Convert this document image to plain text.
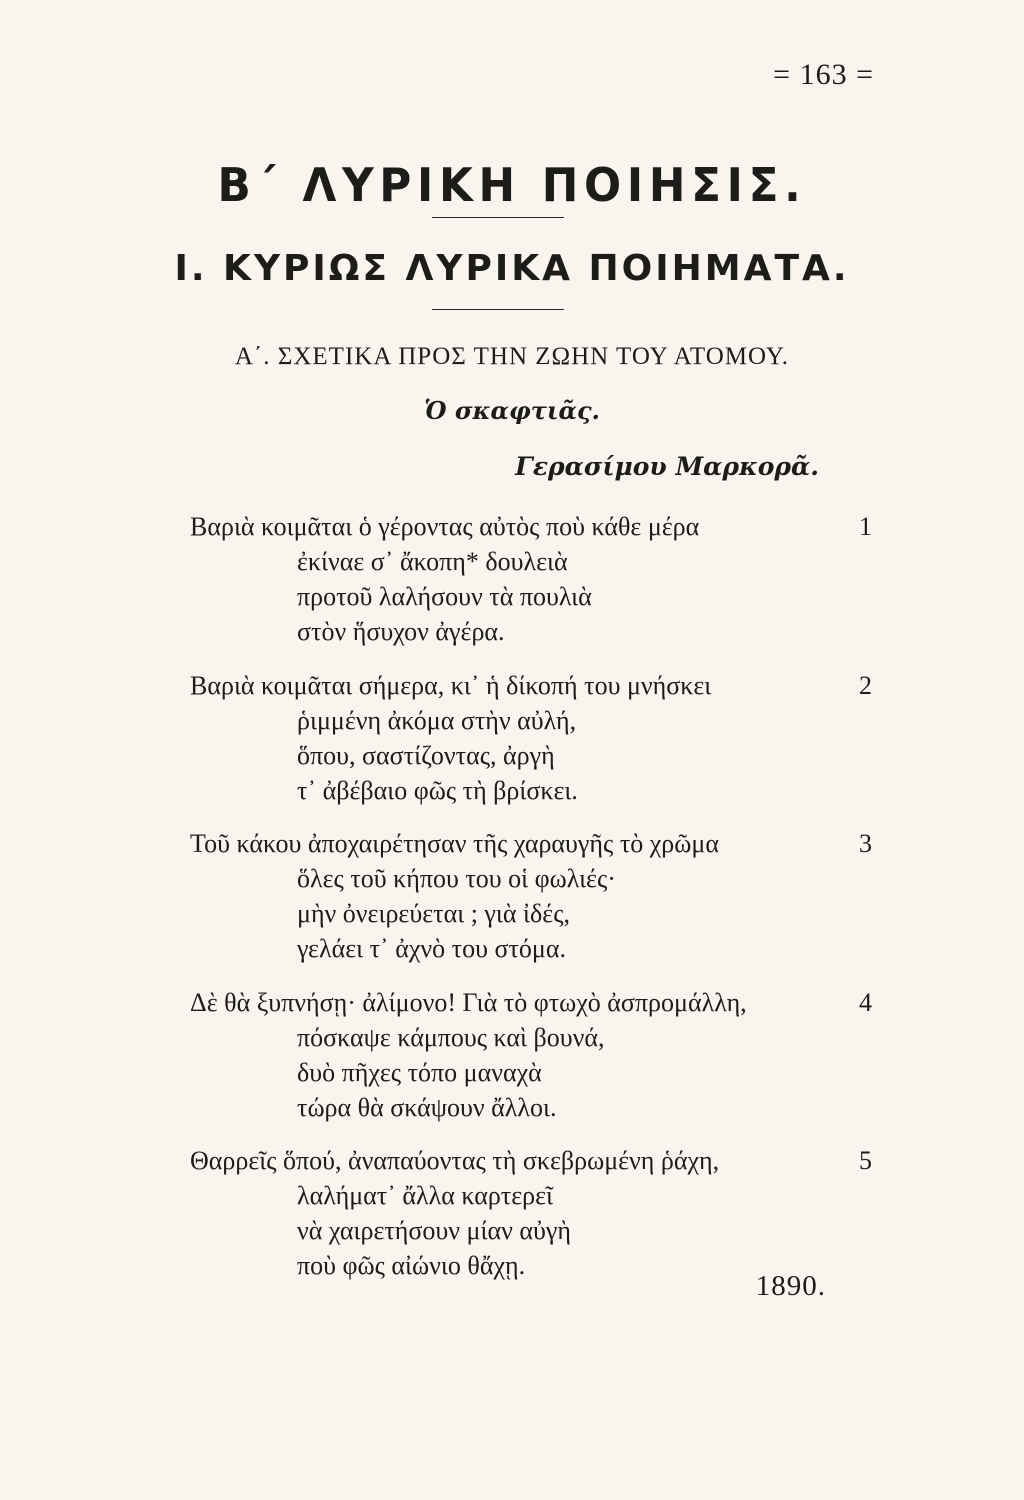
= 163 =
Β΄ ΛΥΡΙΚΗ ΠΟΙΗΣΙΣ.
Ι. ΚΥΡΙΩΣ ΛΥΡΙΚΑ ΠΟΙΗΜΑΤΑ.
Α΄. ΣΧΕΤΙΚΑ ΠΡΟΣ ΤΗΝ ΖΩΗΝ ΤΟΥ ΑΤΟΜΟΥ.
Ὁ σκαφτιᾶς.
Γερασίμου Μαρκορᾶ.
1
Βαριὰ κοιμᾶται ὁ γέροντας αὐτὸς ποὺ κάθε μέρα
ἐκίναε σ᾽ ἄκοπη* δουλειὰ
προτοῦ λαλήσουν τὰ πουλιὰ
στὸν ἥσυχον ἀγέρα.
2
Βαριὰ κοιμᾶται σήμερα, κι᾽ ἡ δίκοπή του μνήσκει
ῥιμμένη ἀκόμα στὴν αὐλή,
ὅπου, σαστίζοντας, ἀργὴ
τ᾽ ἀβέβαιο φῶς τὴ βρίσκει.
3
Τοῦ κάκου ἀποχαιρέτησαν τῆς χαραυγῆς τὸ χρῶμα
ὅλες τοῦ κήπου του οἱ φωλιές·
μὴν ὀνειρεύεται ; γιὰ ἰδές,
γελάει τ᾽ ἀχνὸ του στόμα.
4
Δὲ θὰ ξυπνήσῃ· ἀλίμονο! Γιὰ τὸ φτωχὸ ἀσπρομάλλη,
πόσκαψε κάμπους καὶ βουνά,
δυὸ πῆχες τόπο μαναχὰ
τώρα θὰ σκάψουν ἄλλοι.
5
Θαρρεῖς ὅπού, ἀναπαύοντας τὴ σκεβρωμένη ῥάχη,
λαλήματ᾽ ἄλλα καρτερεῖ
νὰ χαιρετήσουν μίαν αὐγὴ
ποὺ φῶς αἰώνιο θἄχῃ.
1890.
